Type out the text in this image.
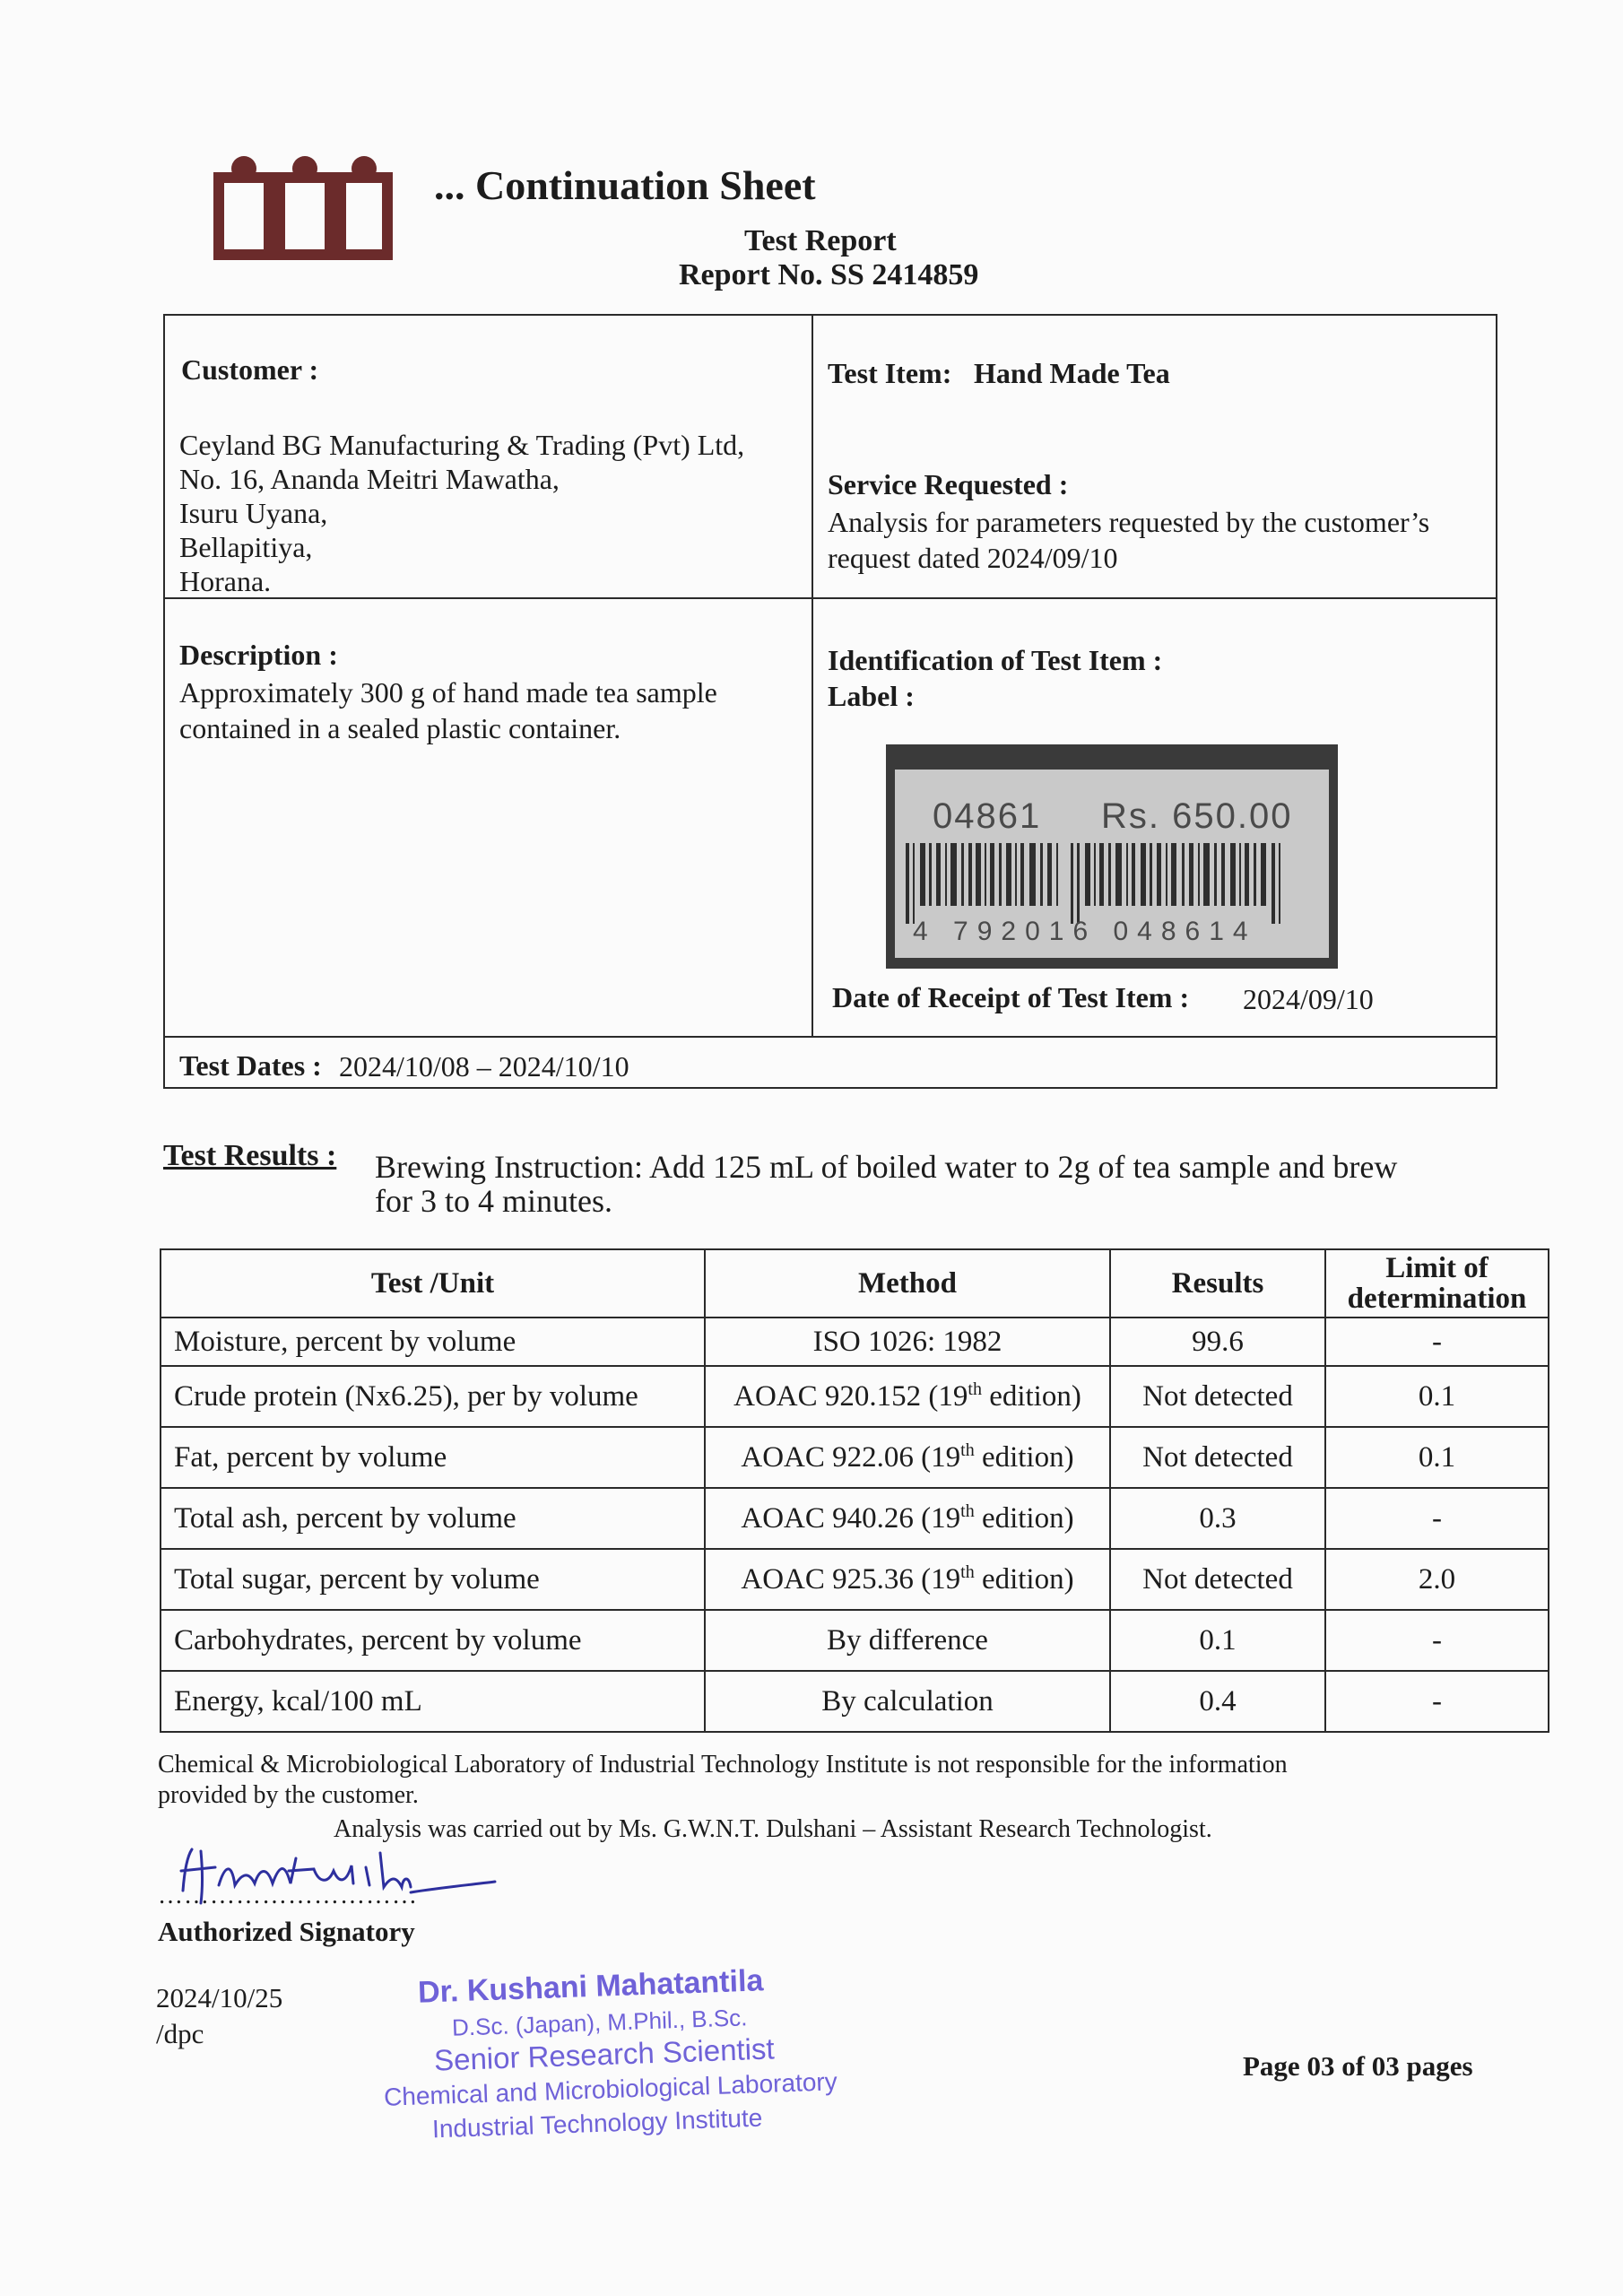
... Continuation Sheet
Test Report
Report No. SS 2414859
Customer :
Ceyland BG Manufacturing & Trading (Pvt) Ltd,
No. 16, Ananda Meitri Mawatha,
Isuru Uyana,
Bellapitiya,
Horana.
Test Item: Hand Made Tea
Service Requested :
Analysis for parameters requested by the customer’s
request dated 2024/09/10
Description :
Approximately 300 g of hand made tea sample
contained in a sealed plastic container.
Identification of Test Item :
Label :
04861 Rs. 650.00
4 792016 048614
Date of Receipt of Test Item : 2024/09/10
Test Dates : 2024/10/08 – 2024/10/10
Test Results : Brewing Instruction: Add 125 mL of boiled water to 2g of tea sample and brew
for 3 to 4 minutes.
Test /Unit	Method	Results	Limit of determination
Moisture, percent by volume	ISO 1026: 1982	99.6	-
Crude protein (Nx6.25), per by volume	AOAC 920.152 (19th edition)	Not detected	0.1
Fat, percent by volume	AOAC 922.06 (19th edition)	Not detected	0.1
Total ash, percent by volume	AOAC 940.26 (19th edition)	0.3	-
Total sugar, percent by volume	AOAC 925.36 (19th edition)	Not detected	2.0
Carbohydrates, percent by volume	By difference	0.1	-
Energy, kcal/100 mL	By calculation	0.4	-
Chemical & Microbiological Laboratory of Industrial Technology Institute is not responsible for the information
provided by the customer.
Analysis was carried out by Ms. G.W.N.T. Dulshani – Assistant Research Technologist.
…………………………
Authorized Signatory
2024/10/25
/dpc
Page 03 of 03 pages
Dr. Kushani Mahatantila
D.Sc. (Japan), M.Phil., B.Sc.
Senior Research Scientist
Chemical and Microbiological Laboratory
Industrial Technology Institute
